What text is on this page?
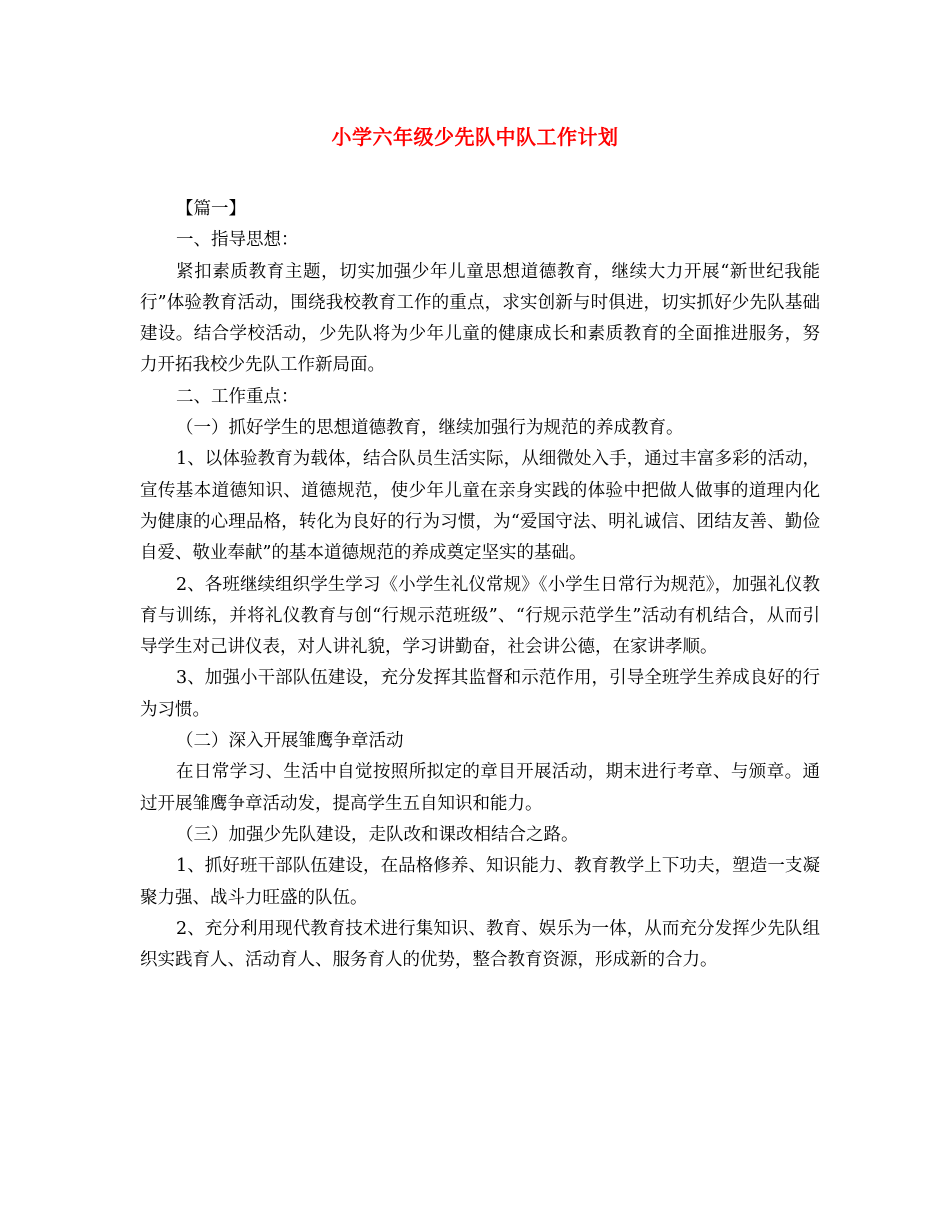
小学六年级少先队中队工作计划

【篇一】

一、指导思想：

紧扣素质教育主题，切实加强少年儿童思想道德教育，继续大力开展“新世纪我能行”体验教育活动，围绕我校教育工作的重点，求实创新与时俱进，切实抓好少先队基础建设。结合学校活动，少先队将为少年儿童的健康成长和素质教育的全面推进服务，努力开拓我校少先队工作新局面。

二、工作重点：

（一）抓好学生的思想道德教育，继续加强行为规范的养成教育。

1、以体验教育为载体，结合队员生活实际，从细微处入手，通过丰富多彩的活动，宣传基本道德知识、道德规范，使少年儿童在亲身实践的体验中把做人做事的道理内化为健康的心理品格，转化为良好的行为习惯，为“爱国守法、明礼诚信、团结友善、勤俭自爱、敬业奉献”的基本道德规范的养成奠定坚实的基础。

2、各班继续组织学生学习《小学生礼仪常规》《小学生日常行为规范》，加强礼仪教育与训练，并将礼仪教育与创“行规示范班级”、“行规示范学生”活动有机结合，从而引导学生对己讲仪表，对人讲礼貌，学习讲勤奋，社会讲公德，在家讲孝顺。

3、加强小干部队伍建设，充分发挥其监督和示范作用，引导全班学生养成良好的行为习惯。

（二）深入开展雏鹰争章活动

在日常学习、生活中自觉按照所拟定的章目开展活动，期末进行考章、与颁章。通过开展雏鹰争章活动发，提高学生五自知识和能力。

（三）加强少先队建设，走队改和课改相结合之路。

1、抓好班干部队伍建设，在品格修养、知识能力、教育教学上下功夫，塑造一支凝聚力强、战斗力旺盛的队伍。

2、充分利用现代教育技术进行集知识、教育、娱乐为一体，从而充分发挥少先队组织实践育人、活动育人、服务育人的优势，整合教育资源，形成新的合力。
